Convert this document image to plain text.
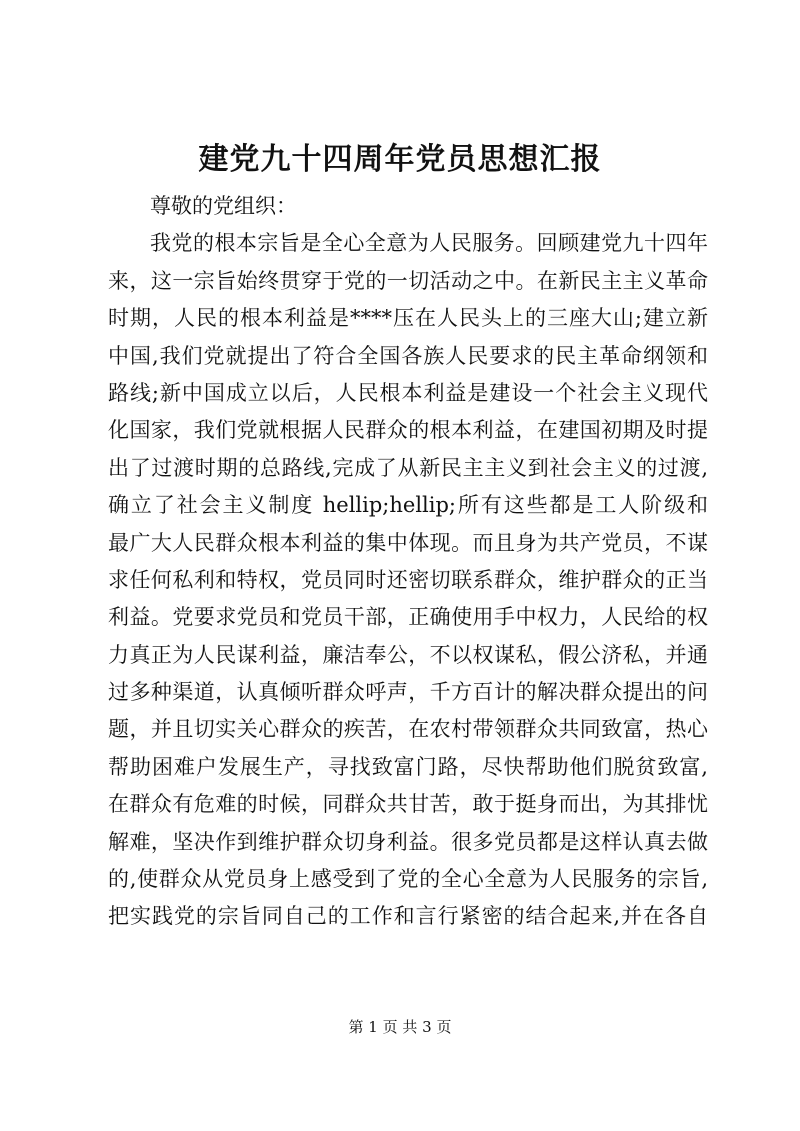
建党九十四周年党员思想汇报
尊敬的党组织：
我党的根本宗旨是全心全意为人民服务。回顾建党九十四年
来，这一宗旨始终贯穿于党的一切活动之中。在新民主主义革命
时期，人民的根本利益是****压在人民头上的三座大山;建立新
中国,我们党就提出了符合全国各族人民要求的民主革命纲领和
路线;新中国成立以后，人民根本利益是建设一个社会主义现代
化国家，我们党就根据人民群众的根本利益，在建国初期及时提
出了过渡时期的总路线,完成了从新民主主义到社会主义的过渡,
确立了社会主义制度 hellip;hellip;所有这些都是工人阶级和
最广大人民群众根本利益的集中体现。而且身为共产党员，不谋
求任何私利和特权，党员同时还密切联系群众，维护群众的正当
利益。党要求党员和党员干部，正确使用手中权力，人民给的权
力真正为人民谋利益，廉洁奉公，不以权谋私，假公济私，并通
过多种渠道，认真倾听群众呼声，千方百计的解决群众提出的问
题，并且切实关心群众的疾苦，在农村带领群众共同致富，热心
帮助困难户发展生产，寻找致富门路，尽快帮助他们脱贫致富,
在群众有危难的时候，同群众共甘苦，敢于挺身而出，为其排忧
解难，坚决作到维护群众切身利益。很多党员都是这样认真去做
的,使群众从党员身上感受到了党的全心全意为人民服务的宗旨,
把实践党的宗旨同自己的工作和言行紧密的结合起来,并在各自
第 1 页 共 3 页
